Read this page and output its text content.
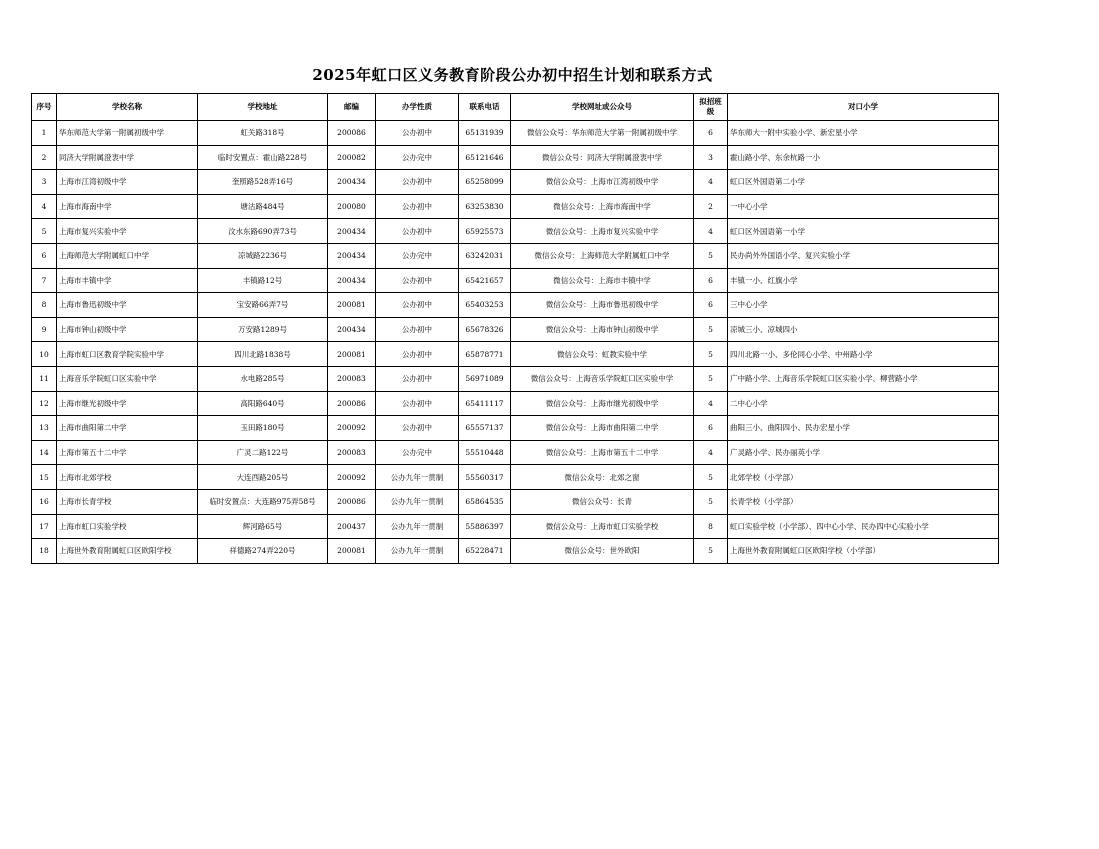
2025年虹口区义务教育阶段公办初中招生计划和联系方式
序号	学校名称	学校地址	邮编	办学性质	联系电话	学校网址或公众号	拟招班级	对口小学
1	华东师范大学第一附属初级中学	虹关路318号	200086	公办初中	65131939	微信公众号：华东师范大学第一附属初级中学	6	华东师大一附中实验小学、新宏星小学
2	同济大学附属澄衷中学	临时安置点：霍山路228号	200082	公办完中	65121646	微信公众号：同济大学附属澄衷中学	3	霍山路小学、东余杭路一小
3	上海市江湾初级中学	奎照路528弄16号	200434	公办初中	65258099	微信公众号：上海市江湾初级中学	4	虹口区外国语第二小学
4	上海市海南中学	塘沽路484号	200080	公办初中	63253830	微信公众号：上海市海南中学	2	一中心小学
5	上海市复兴实验中学	汶水东路690弄73号	200434	公办初中	65925573	微信公众号：上海市复兴实验中学	4	虹口区外国语第一小学
6	上海师范大学附属虹口中学	凉城路2236号	200434	公办完中	63242031	微信公众号：上海师范大学附属虹口中学	5	民办尚外外国语小学、复兴实验小学
7	上海市丰镇中学	丰镇路12号	200434	公办初中	65421657	微信公众号：上海市丰镇中学	6	丰镇一小、红旗小学
8	上海市鲁迅初级中学	宝安路66弄7号	200081	公办初中	65403253	微信公众号：上海市鲁迅初级中学	6	三中心小学
9	上海市钟山初级中学	万安路1289号	200434	公办初中	65678326	微信公众号：上海市钟山初级中学	5	凉城三小、凉城四小
10	上海市虹口区教育学院实验中学	四川北路1838号	200081	公办初中	65878771	微信公众号：虹教实验中学	5	四川北路一小、多伦同心小学、中州路小学
11	上海音乐学院虹口区实验中学	水电路285号	200083	公办初中	56971089	微信公众号：上海音乐学院虹口区实验中学	5	广中路小学、上海音乐学院虹口区实验小学、柳营路小学
12	上海市继光初级中学	高阳路640号	200086	公办初中	65411117	微信公众号：上海市继光初级中学	4	二中心小学
13	上海市曲阳第二中学	玉田路180号	200092	公办初中	65557137	微信公众号：上海市曲阳第二中学	6	曲阳三小、曲阳四小、民办宏星小学
14	上海市第五十二中学	广灵二路122号	200083	公办完中	55510448	微信公众号：上海市第五十二中学	4	广灵路小学、民办丽英小学
15	上海市北郊学校	大连西路205号	200092	公办九年一贯制	55560317	微信公众号：北郊之窗	5	北郊学校（小学部）
16	上海市长青学校	临时安置点：大连路975弄58号	200086	公办九年一贯制	65864535	微信公众号：长青	5	长青学校（小学部）
17	上海市虹口实验学校	辉河路65号	200437	公办九年一贯制	55886397	微信公众号：上海市虹口实验学校	8	虹口实验学校（小学部）、四中心小学、民办四中心实验小学
18	上海世外教育附属虹口区欧阳学校	祥德路274弄220号	200081	公办九年一贯制	65228471	微信公众号：世外欧阳	5	上海世外教育附属虹口区欧阳学校（小学部）
